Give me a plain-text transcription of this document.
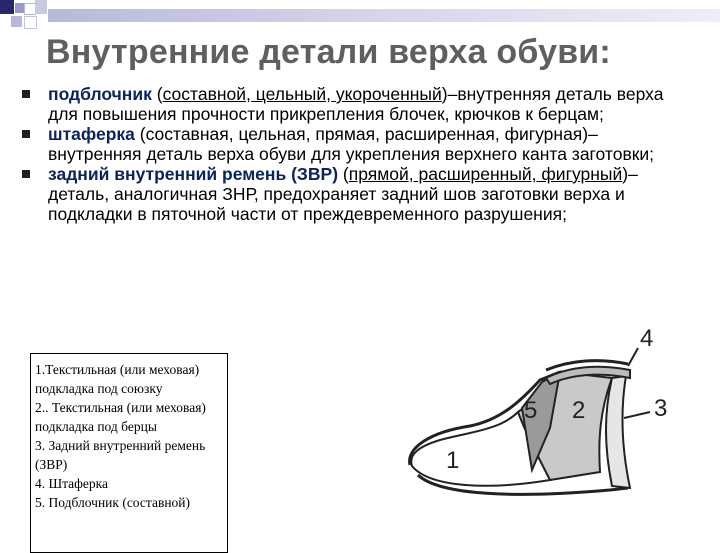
Внутренние детали верха обуви:
подблочник (составной, цельный, укороченный)–внутренняя деталь верха для повышения прочности прикрепления блочек, крючков к берцам;
штаферка (составная, цельная, прямая, расширенная, фигурная)– внутренняя деталь верха обуви для укрепления верхнего канта заготовки;
задний внутренний ремень (ЗВР) (прямой, расширенный, фигурный)– деталь, аналогичная ЗНР, предохраняет задний шов заготовки верха и подкладки в пяточной части от преждевременного разрушения;
1.Текстильная (или меховая) подкладка под союзку
2.. Текстильная (или меховая) подкладка под берцы
3. Задний внутренний ремень (ЗВР)
4. Штаферка
5. Подблочник (составной)
4
3
2
5
1
